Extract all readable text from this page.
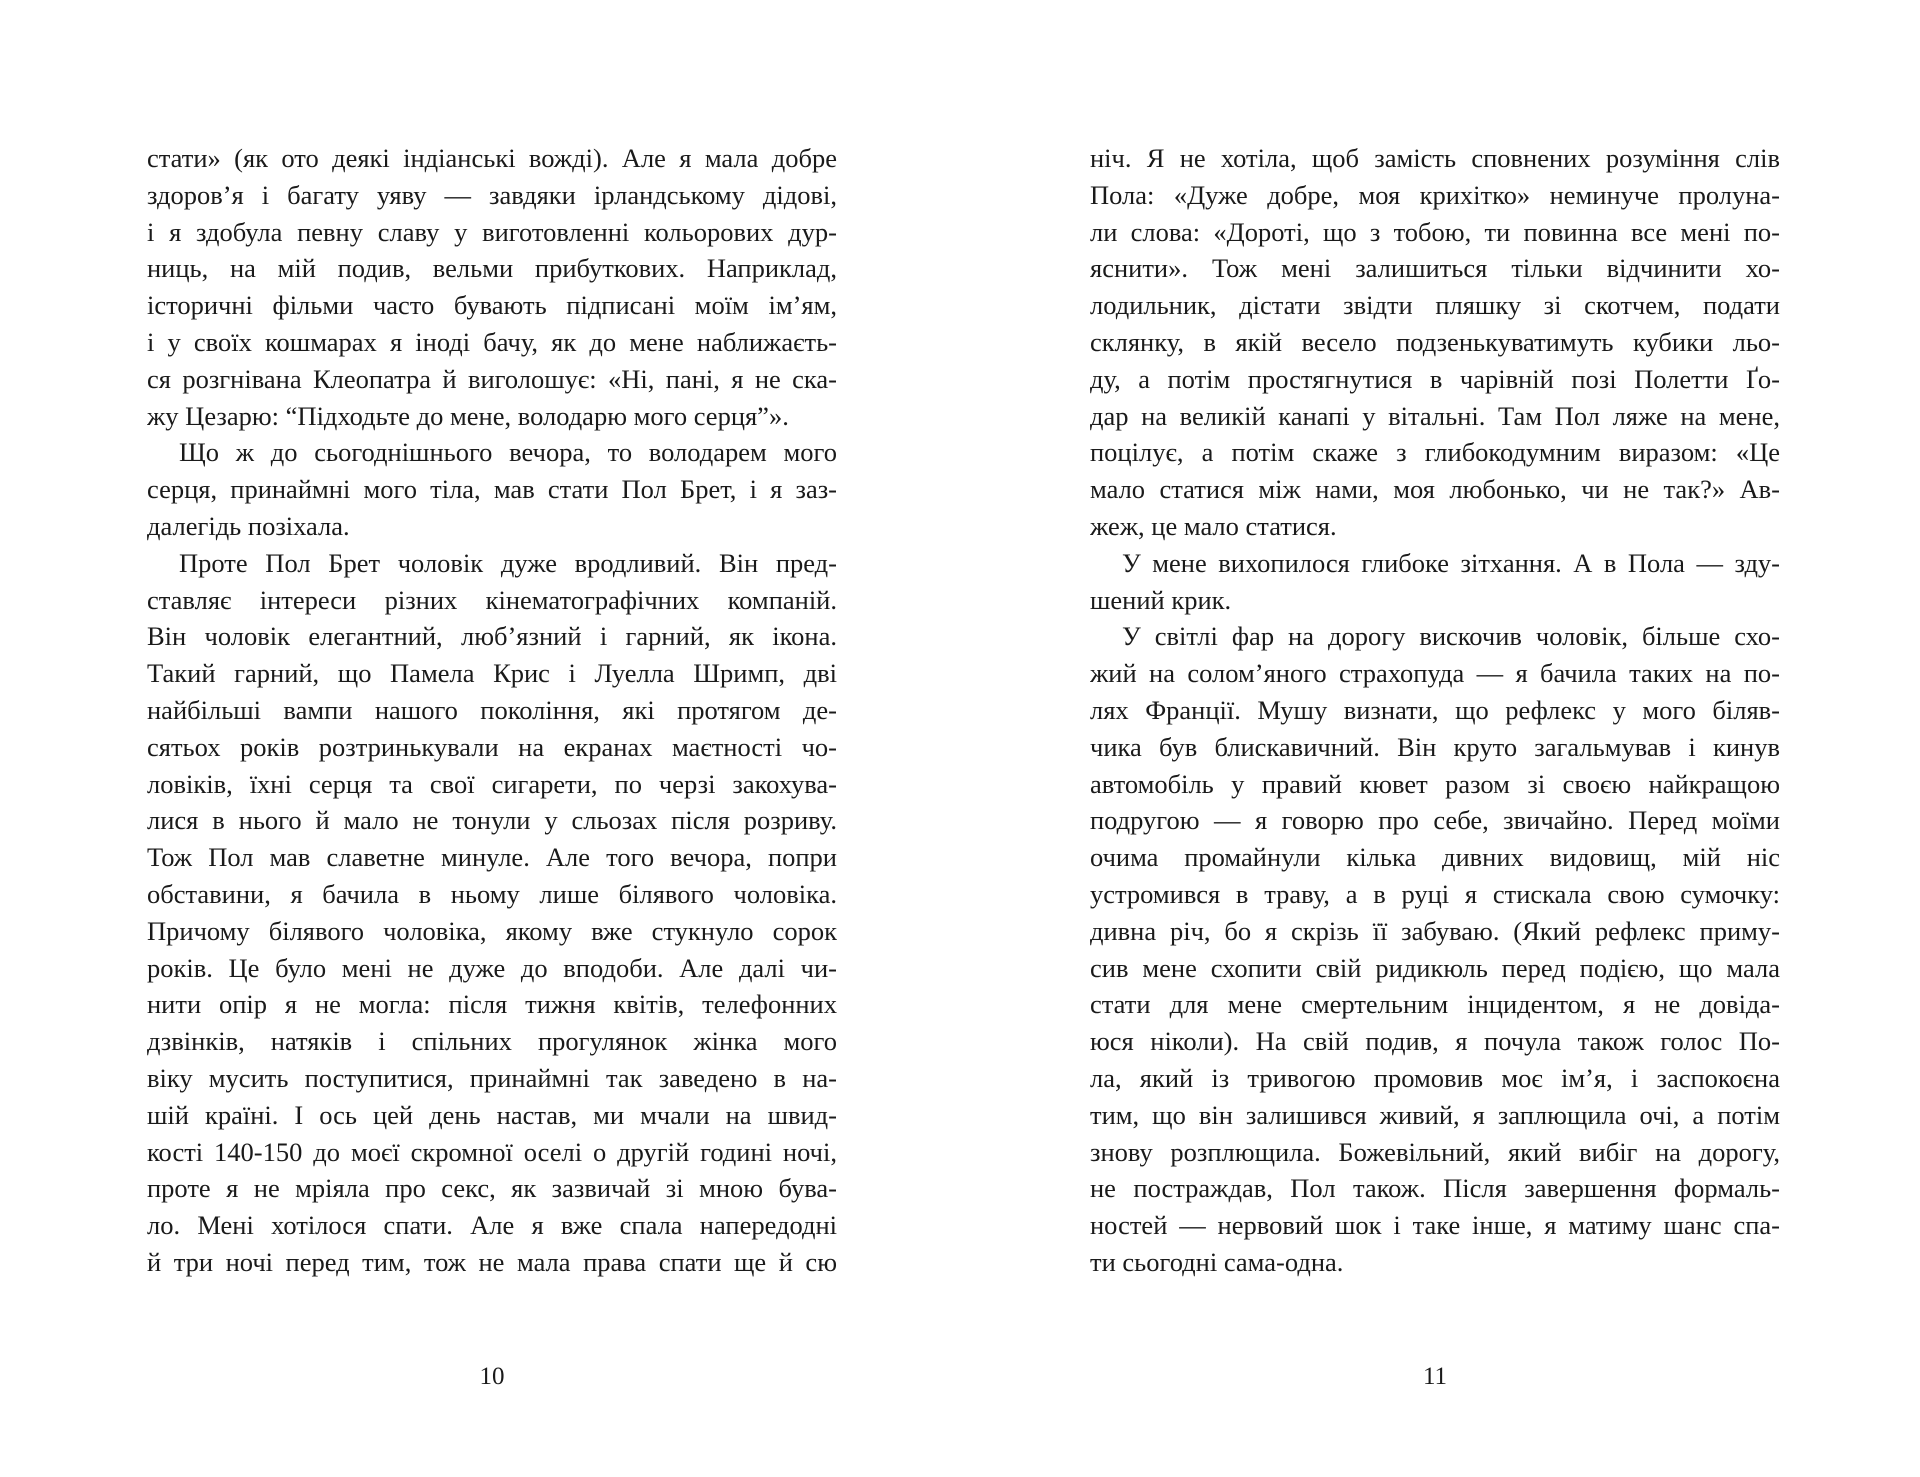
стати» (як ото деякі індіанські вожді). Але я мала добре
здоров’я і багату уяву — завдяки ірландському дідові,
і я здобула певну славу у виготовленні кольорових дур-
ниць, на мій подив, вельми прибуткових. Наприклад,
історичні фільми часто бувають підписані моїм ім’ям,
і у своїх кошмарах я іноді бачу, як до мене наближаєть-
ся розгнівана Клеопатра й виголошує: «Ні, пані, я не ска-
жу Цезарю: “Підходьте до мене, володарю мого серця”».
Що ж до сьогоднішнього вечора, то володарем мого
серця, принаймні мого тіла, мав стати Пол Брет, і я заз-
далегідь позіхала.
Проте Пол Брет чоловік дуже вродливий. Він пред-
ставляє інтереси різних кінематографічних компаній.
Він чоловік елегантний, люб’язний і гарний, як ікона.
Такий гарний, що Памела Крис і Луелла Шримп, дві
найбільші вампи нашого покоління, які протягом де-
сятьох років розтринькували на екранах маєтності чо-
ловіків, їхні серця та свої сигарети, по черзі закохува-
лися в нього й мало не тонули у сльозах після розриву.
Тож Пол мав славетне минуле. Але того вечора, попри
обставини, я бачила в ньому лише білявого чоловіка.
Причому білявого чоловіка, якому вже стукнуло сорок
років. Це було мені не дуже до вподоби. Але далі чи-
нити опір я не могла: після тижня квітів, телефонних
дзвінків, натяків і спільних прогулянок жінка мого
віку мусить поступитися, принаймні так заведено в на-
шій країні. І ось цей день настав, ми мчали на швид-
кості 140-150 до моєї скромної оселі о другій годині ночі,
проте я не мріяла про секс, як зазвичай зі мною бува-
ло. Мені хотілося спати. Але я вже спала напередодні
й три ночі перед тим, тож не мала права спати ще й сю
10
ніч. Я не хотіла, щоб замість сповнених розуміння слів
Пола: «Дуже добре, моя крихітко» неминуче пролуна-
ли слова: «Дороті, що з тобою, ти повинна все мені по-
яснити». Тож мені залишиться тільки відчинити хо-
лодильник, дістати звідти пляшку зі скотчем, подати
склянку, в якій весело подзенькуватимуть кубики льо-
ду, а потім простягнутися в чарівній позі Полетти Ґо-
дар на великій канапі у вітальні. Там Пол ляже на мене,
поцілує, а потім скаже з глибокодумним виразом: «Це
мало статися між нами, моя любонько, чи не так?» Ав-
жеж, це мало статися.
У мене вихопилося глибоке зітхання. А в Пола — зду-
шений крик.
У світлі фар на дорогу вискочив чоловік, більше схо-
жий на солом’яного страхопуда — я бачила таких на по-
лях Франції. Мушу визнати, що рефлекс у мого біляв-
чика був блискавичний. Він круто загальмував і кинув
автомобіль у правий кювет разом зі своєю найкращою
подругою — я говорю про себе, звичайно. Перед моїми
очима промайнули кілька дивних видовищ, мій ніс
устромився в траву, а в руці я стискала свою сумочку:
дивна річ, бо я скрізь її забуваю. (Який рефлекс приму-
сив мене схопити свій ридикюль перед подією, що мала
стати для мене смертельним інцидентом, я не довіда-
юся ніколи). На свій подив, я почула також голос По-
ла, який із тривогою промовив моє ім’я, і заспокоєна
тим, що він залишився живий, я заплющила очі, а потім
знову розплющила. Божевільний, який вибіг на дорогу,
не постраждав, Пол також. Після завершення формаль-
ностей — нервовий шок і таке інше, я матиму шанс спа-
ти сьогодні сама-одна.
11
